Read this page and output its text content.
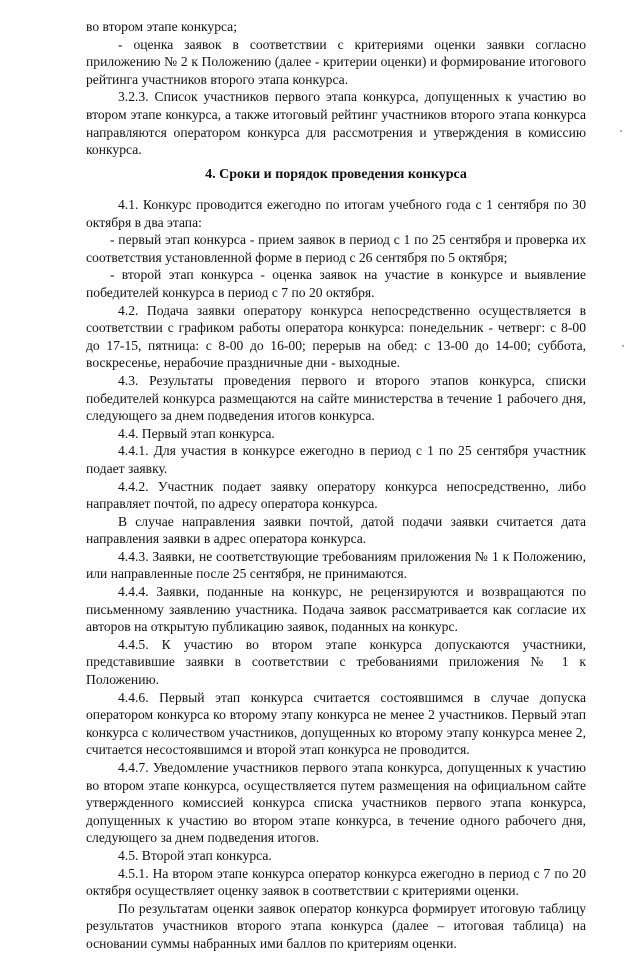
во втором этапе конкурса;

- оценка заявок в соответствии с критериями оценки заявки согласно приложению № 2 к Положению (далее - критерии оценки) и формирование итогового рейтинга участников второго этапа конкурса.

3.2.3. Список участников первого этапа конкурса, допущенных к участию во втором этапе конкурса, а также итоговый рейтинг участников второго этапа конкурса направляются оператором конкурса для рассмотрения и утверждения в комиссию конкурса.

4. Сроки и порядок проведения конкурса

4.1. Конкурс проводится ежегодно по итогам учебного года с 1 сентября по 30 октября в два этапа:

- первый этап конкурса - прием заявок в период с 1 по 25 сентября и проверка их соответствия установленной форме в период с 26 сентября по 5 октября;

- второй этап конкурса - оценка заявок на участие в конкурсе и выявление победителей конкурса в период с 7 по 20 октября.

4.2. Подача заявки оператору конкурса непосредственно осуществляется в соответствии с графиком работы оператора конкурса: понедельник - четверг: с 8-00 до 17-15, пятница: с 8-00 до 16-00; перерыв на обед: с 13-00 до 14-00; суббота, воскресенье, нерабочие праздничные дни - выходные.

4.3. Результаты проведения первого и второго этапов конкурса, списки победителей конкурса размещаются на сайте министерства в течение 1 рабочего дня, следующего за днем подведения итогов конкурса.

4.4. Первый этап конкурса.

4.4.1. Для участия в конкурсе ежегодно в период с 1 по 25 сентября участник подает заявку.

4.4.2. Участник подает заявку оператору конкурса непосредственно, либо направляет почтой, по адресу оператора конкурса.

В случае направления заявки почтой, датой подачи заявки считается дата направления заявки в адрес оператора конкурса.

4.4.3. Заявки, не соответствующие требованиям приложения № 1 к Положению, или направленные после 25 сентября, не принимаются.

4.4.4. Заявки, поданные на конкурс, не рецензируются и возвращаются по письменному заявлению участника. Подача заявок рассматривается как согласие их авторов на открытую публикацию заявок, поданных на конкурс.

4.4.5. К участию во втором этапе конкурса допускаются участники, представившие заявки в соответствии с требованиями приложения № 1 к Положению.

4.4.6. Первый этап конкурса считается состоявшимся в случае допуска оператором конкурса ко второму этапу конкурса не менее 2 участников. Первый этап конкурса с количеством участников, допущенных ко второму этапу конкурса менее 2, считается несостоявшимся и второй этап конкурса не проводится.

4.4.7. Уведомление участников первого этапа конкурса, допущенных к участию во втором этапе конкурса, осуществляется путем размещения на официальном сайте утвержденного комиссией конкурса списка участников первого этапа конкурса, допущенных к участию во втором этапе конкурса, в течение одного рабочего дня, следующего за днем подведения итогов.

4.5. Второй этап конкурса.

4.5.1. На втором этапе конкурса оператор конкурса ежегодно в период с 7 по 20 октября осуществляет оценку заявок в соответствии с критериями оценки.

По результатам оценки заявок оператор конкурса формирует итоговую таблицу результатов участников второго этапа конкурса (далее – итоговая таблица) на основании суммы набранных ими баллов по критериям оценки.
